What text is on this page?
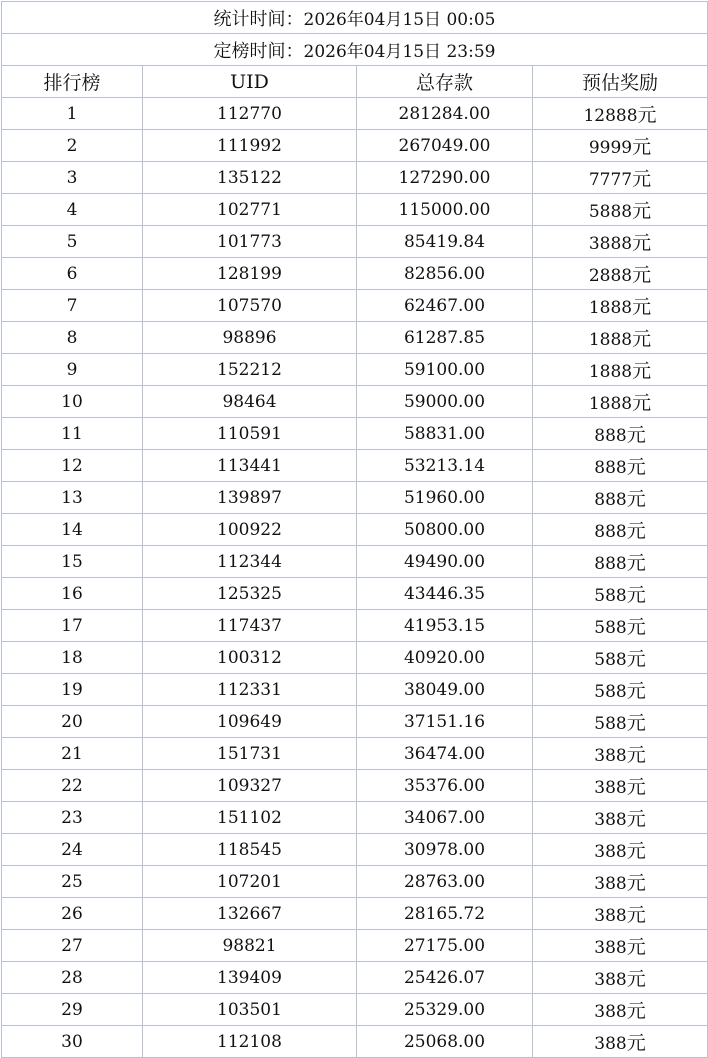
统计时间：2026年04月15日 00:05			
定榜时间：2026年04月15日 23:59			
排行榜	UID	总存款	预估奖励
1	112770	281284.00	12888元
2	111992	267049.00	9999元
3	135122	127290.00	7777元
4	102771	115000.00	5888元
5	101773	85419.84	3888元
6	128199	82856.00	2888元
7	107570	62467.00	1888元
8	98896	61287.85	1888元
9	152212	59100.00	1888元
10	98464	59000.00	1888元
11	110591	58831.00	888元
12	113441	53213.14	888元
13	139897	51960.00	888元
14	100922	50800.00	888元
15	112344	49490.00	888元
16	125325	43446.35	588元
17	117437	41953.15	588元
18	100312	40920.00	588元
19	112331	38049.00	588元
20	109649	37151.16	588元
21	151731	36474.00	388元
22	109327	35376.00	388元
23	151102	34067.00	388元
24	118545	30978.00	388元
25	107201	28763.00	388元
26	132667	28165.72	388元
27	98821	27175.00	388元
28	139409	25426.07	388元
29	103501	25329.00	388元
30	112108	25068.00	388元
